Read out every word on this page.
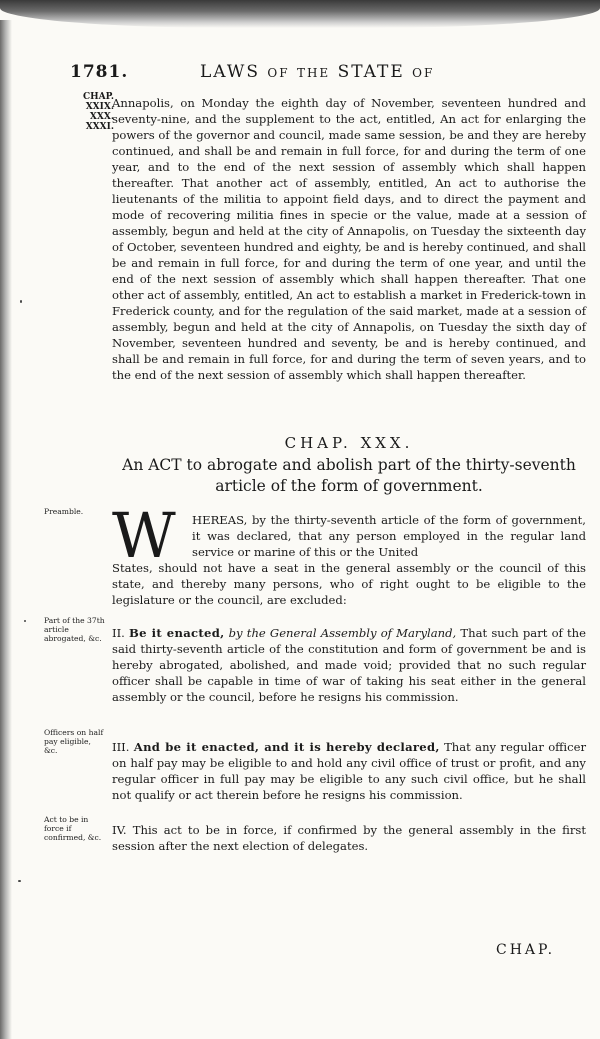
1781.	LAWS of the STATE of
CHAP. XXIX. XXX. XXXI.

Annapolis, on Monday the eighth day of November, seventeen hundred and seventy-nine, and the supplement to the act, entitled, An act for enlarging the powers of the governor and council, made same session, be and they are hereby continued, and shall be and remain in full force, for and during the term of one year, and to the end of the next session of assembly which shall happen thereafter. That another act of assembly, entitled, An act to authorise the lieutenants of the militia to appoint field days, and to direct the payment and mode of recovering militia fines in specie or the value, made at a session of assembly, begun and held at the city of Annapolis, on Tuesday the sixteenth day of October, seventeen hundred and eighty, be and is hereby continued, and shall be and remain in full force, for and during the term of one year, and until the end of the next session of assembly which shall happen thereafter. That one other act of assembly, entitled, An act to establish a market in Frederick-town in Frederick county, and for the regulation of the said market, made at a session of assembly, begun and held at the city of Annapolis, on Tuesday the sixth day of November, seventeen hundred and seventy, be and is hereby continued, and shall be and remain in full force, for and during the term of seven years, and to the end of the next session of assembly which shall happen thereafter.

CHAP. XXX.
An ACT to abrogate and abolish part of the thirty-seventh article of the form of government.
Preamble. W HEREAS, by the thirty-seventh article of the form of government, it was declared, that any person employed in the regular land service or marine of this or the United

States, should not have a seat in the general assembly or the council of this state, and thereby many persons, who of right ought to be eligible to the legislature or the council, are excluded:

Part of the 37th article abrogated, &c. II. Be it enacted, by the General Assembly of Maryland, That such part of the said thirty-seventh article of the constitution and form of government be and is hereby abrogated, abolished, and made void; provided that no such regular officer shall be capable in time of war of taking his seat either in the general assembly or the council, before he resigns his commission.

Officers on half pay eligible, &c.	III. And be it enacted, and it is hereby declared, That any regular officer on half pay may be eligible to and hold any civil office of trust or profit, and any regular officer in full pay may be eligible to any such civil office, but he shall not qualify or act therein before he resigns his commission.

Act to be in force if confirmed, &c.

IV. This act to be in force, if confirmed by the general assembly in the first session after the next election of delegates.

CHAP.
